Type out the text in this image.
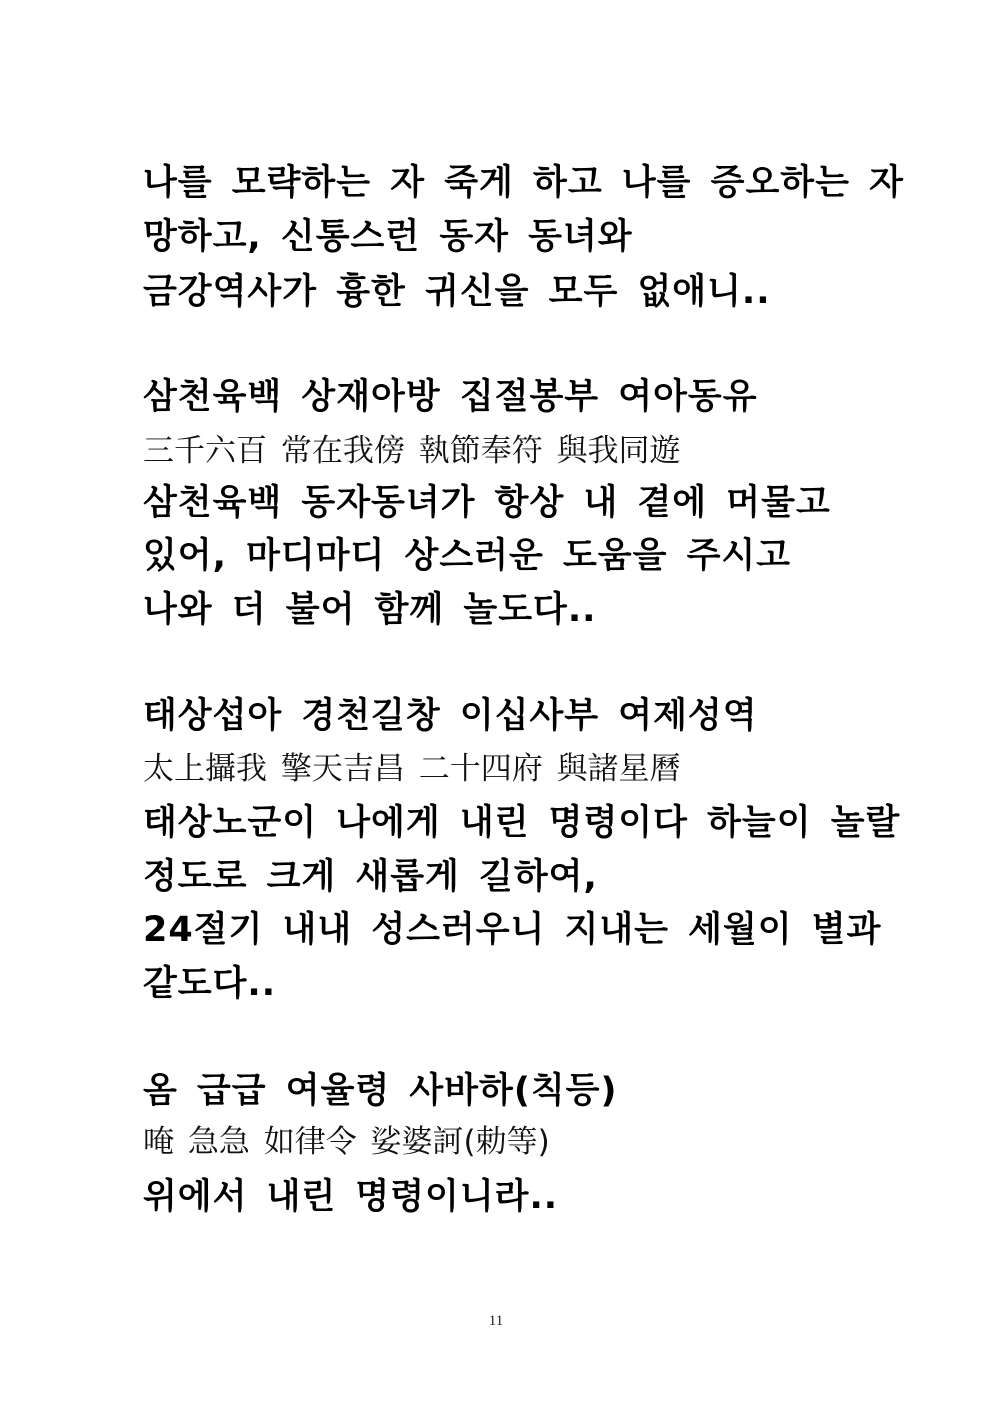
나를 모략하는 자 죽게 하고 나를 증오하는 자
망하고, 신통스런 동자 동녀와
금강역사가 흉한 귀신을 모두 없애니..
삼천육백 상재아방 집절봉부 여아동유
三千六百 常在我傍 執節奉符 與我同遊
삼천육백 동자동녀가 항상 내 곁에 머물고
있어, 마디마디 상스러운 도움을 주시고
나와 더 불어 함께 놀도다..
태상섭아 경천길창 이십사부 여제성역
太上攝我 擎天吉昌 二十四府 與諸星曆
태상노군이 나에게 내린 명령이다 하늘이 놀랄
정도로 크게 새롭게 길하여,
24절기 내내 성스러우니 지내는 세월이 별과
같도다..
옴 급급 여율령 사바하(칙등)
唵 急急 如律令 娑婆訶(勅等)
위에서 내린 명령이니라..
11
